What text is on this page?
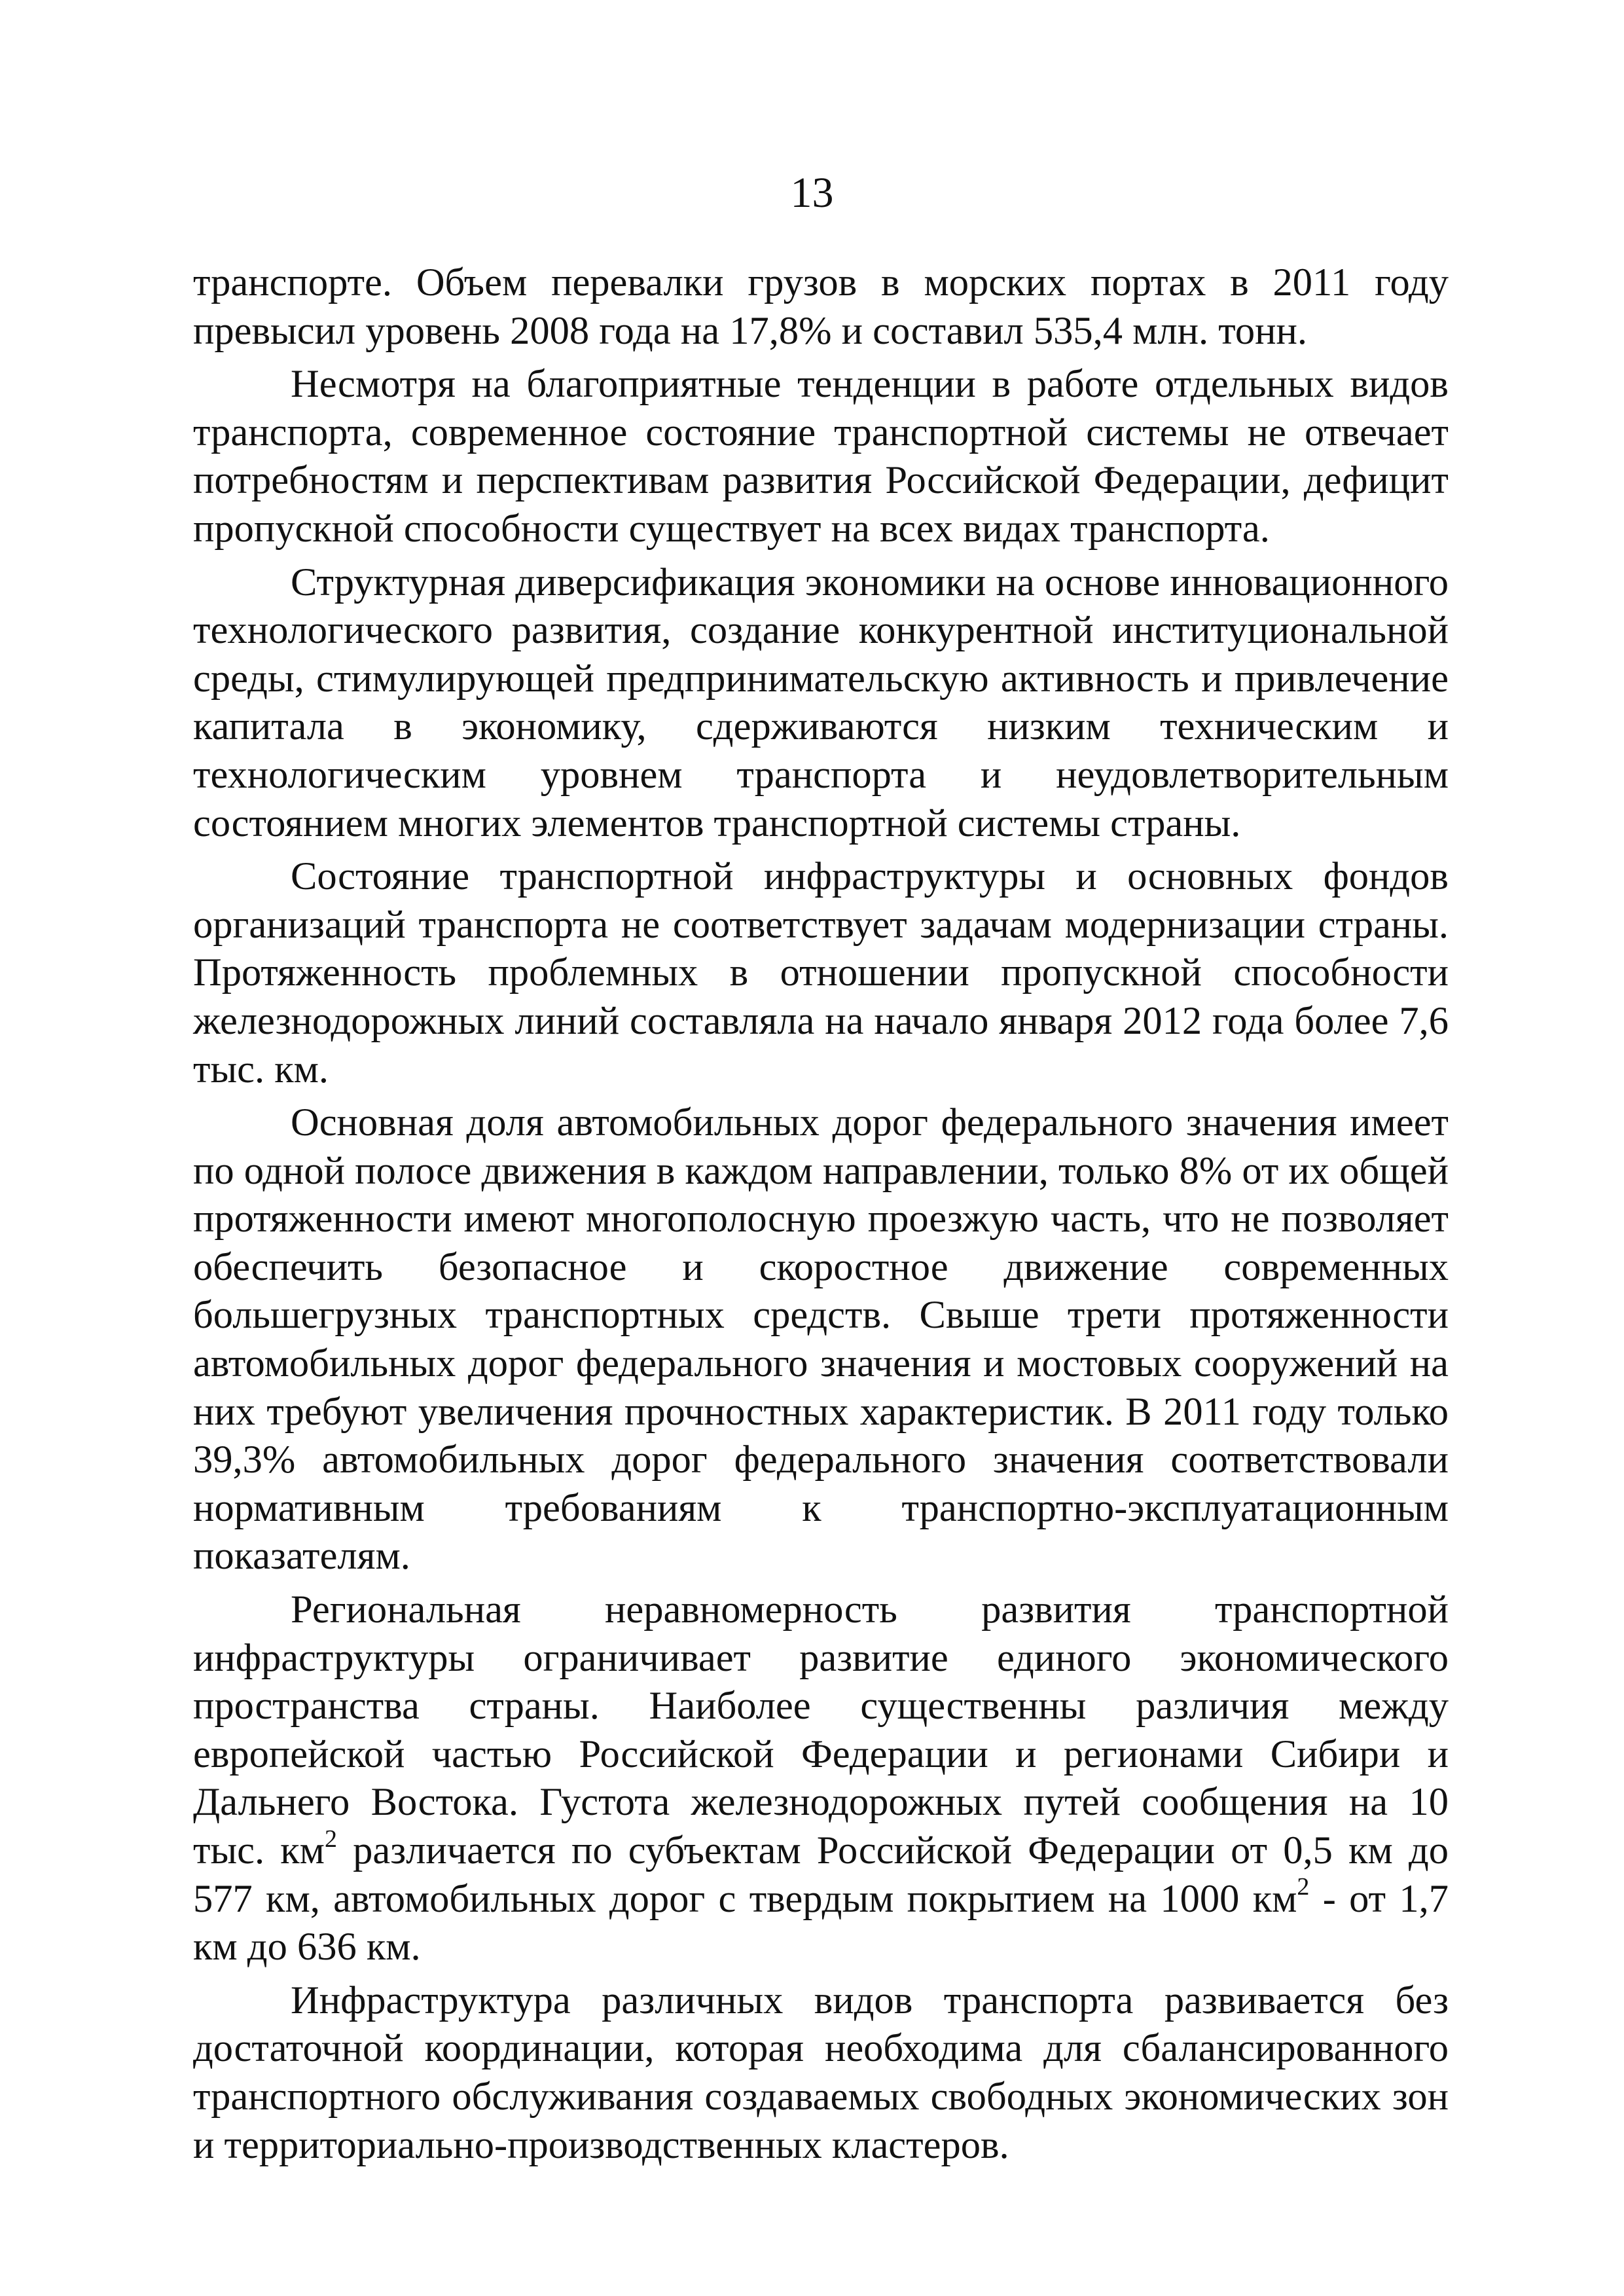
13

транспорте. Объем перевалки грузов в морских портах в 2011 году превысил уровень 2008 года на 17,8% и составил 535,4 млн. тонн.

Несмотря на благоприятные тенденции в работе отдельных видов транспорта, современное состояние транспортной системы не отвечает потребностям и перспективам развития Российской Федерации, дефицит пропускной способности существует на всех видах транспорта.

Структурная диверсификация экономики на основе инновационного технологического развития, создание конкурентной институциональной среды, стимулирующей предпринимательскую активность и привлечение капитала в экономику, сдерживаются низким техническим и технологическим уровнем транспорта и неудовлетворительным состоянием многих элементов транспортной системы страны.

Состояние транспортной инфраструктуры и основных фондов организаций транспорта не соответствует задачам модернизации страны. Протяженность проблемных в отношении пропускной способности железнодорожных линий составляла на начало января 2012 года более 7,6 тыс. км.

Основная доля автомобильных дорог федерального значения имеет по одной полосе движения в каждом направлении, только 8% от их общей протяженности имеют многополосную проезжую часть, что не позволяет обеспечить безопасное и скоростное движение современных большегрузных транспортных средств. Свыше трети протяженности автомобильных дорог федерального значения и мостовых сооружений на них требуют увеличения прочностных характеристик. В 2011 году только 39,3% автомобильных дорог федерального значения соответствовали нормативным требованиям к транспортно-эксплуатационным показателям.

Региональная неравномерность развития транспортной инфраструктуры ограничивает развитие единого экономического пространства страны. Наиболее существенны различия между европейской частью Российской Федерации и регионами Сибири и Дальнего Востока. Густота железнодорожных путей сообщения на 10 тыс. $км^2$ различается по субъектам Российской Федерации от 0,5 км до 577 км, автомобильных дорог с твердым покрытием на 1000 $км^2$ - от 1,7 км до 636 км.

Инфраструктура различных видов транспорта развивается без достаточной координации, которая необходима для сбалансированного транспортного обслуживания создаваемых свободных экономических зон и территориально-производственных кластеров.
